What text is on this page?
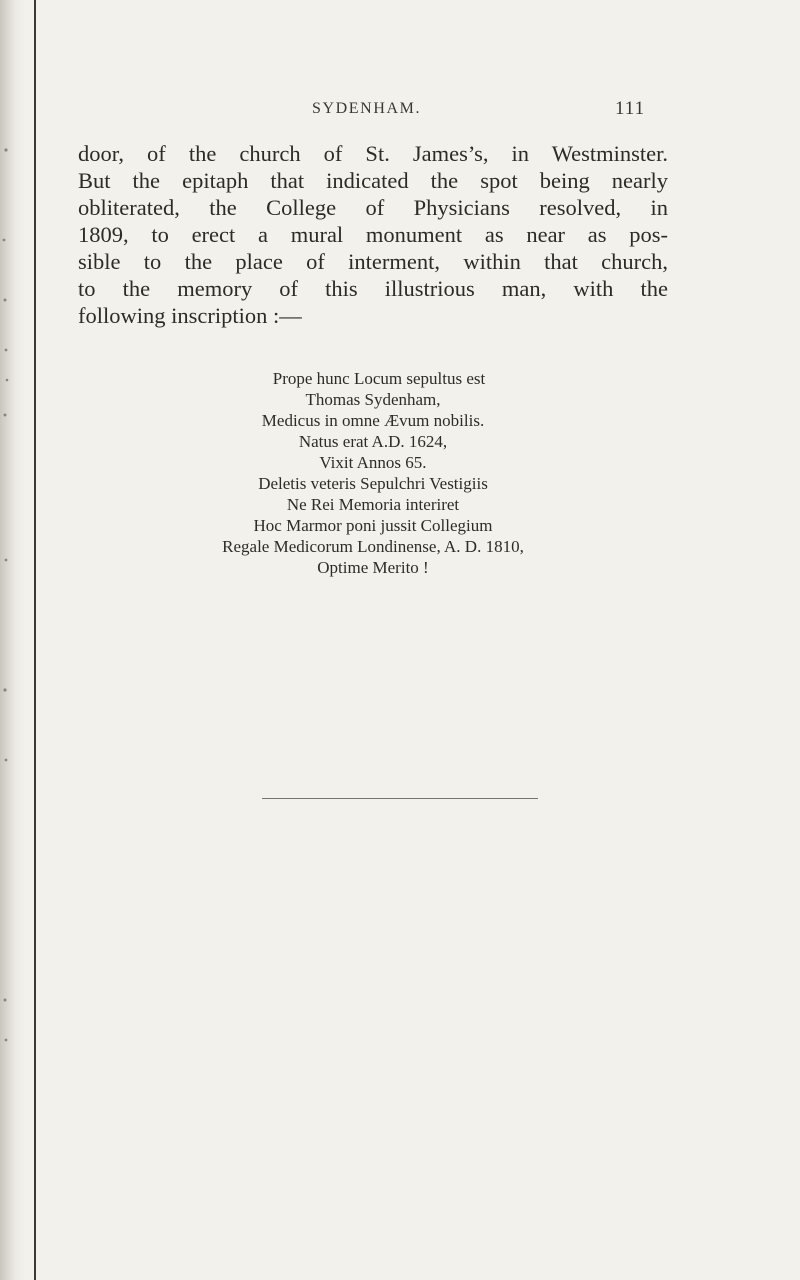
SYDENHAM.	111
door, of the church of St. James’s, in Westminster.
But the epitaph that indicated the spot being nearly
obliterated, the College of Physicians resolved, in
1809, to erect a mural monument as near as pos-
sible to the place of interment, within that church,
to the memory of this illustrious man, with the
following inscription :—
Prope hunc Locum sepultus est
Thomas Sydenham,
Medicus in omne Ævum nobilis.
Natus erat A.D. 1624,
Vixit Annos 65.
Deletis veteris Sepulchri Vestigiis
Ne Rei Memoria interiret
Hoc Marmor poni jussit Collegium
Regale Medicorum Londinense, A. D. 1810,
Optime Merito !
